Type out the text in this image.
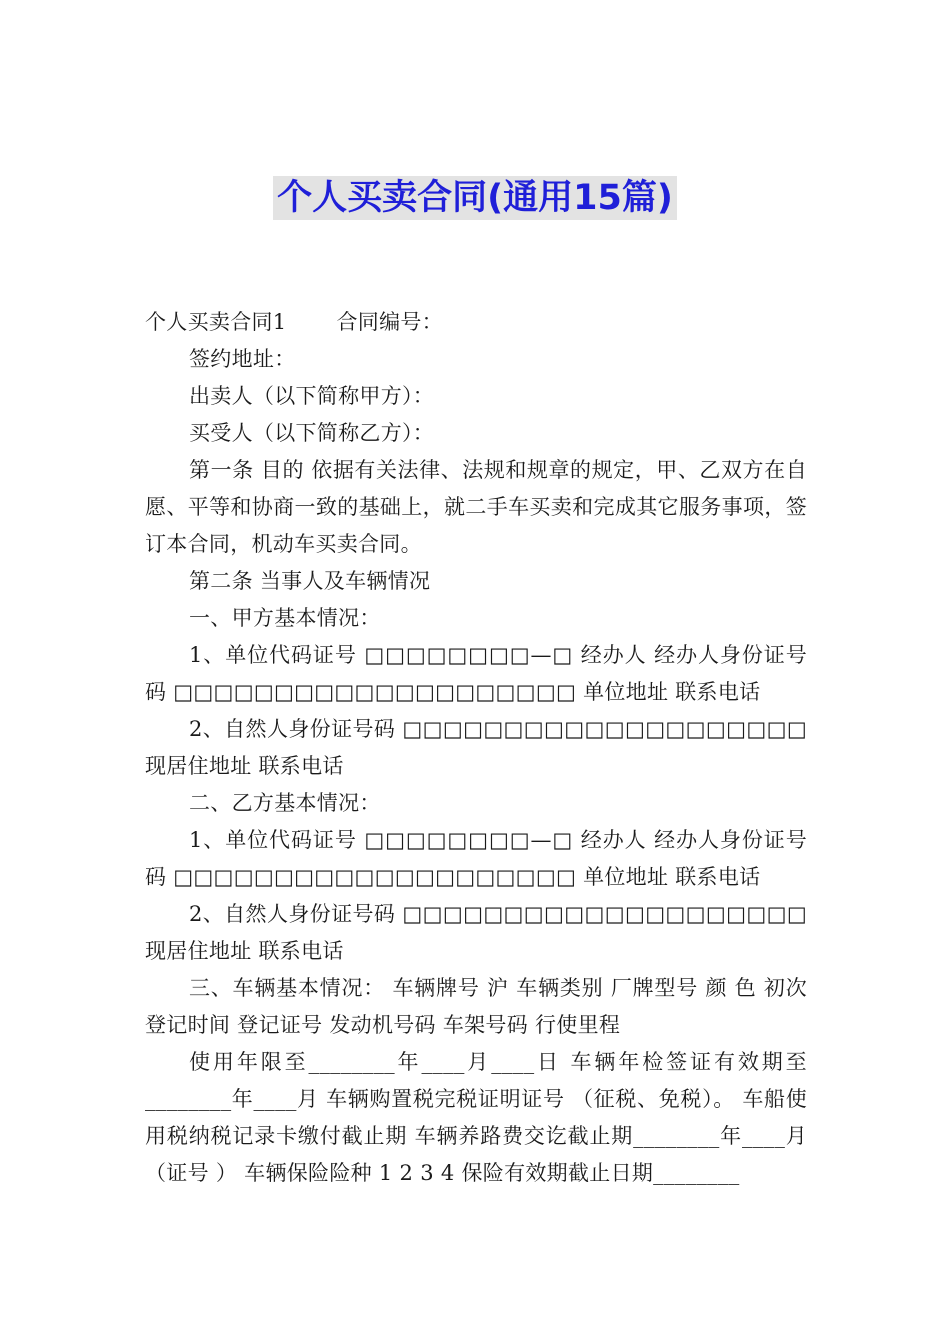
个人买卖合同(通用15篇)

个人买卖合同1 合同编号：

签约地址：

出卖人（以下简称甲方）：

买受人（以下简称乙方）：

第一条 目的 依据有关法律、法规和规章的规定，甲、乙双方在自愿、平等和协商一致的基础上，就二手车买卖和完成其它服务事项，签订本合同，机动车买卖合同。

第二条 当事人及车辆情况

一、甲方基本情况：

1、单位代码证号 □□□□□□□□—□ 经办人 经办人身份证号码 □□□□□□□□□□□□□□□□□□□□ 单位地址 联系电话

2、自然人身份证号码 □□□□□□□□□□□□□□□□□□□□ 现居住地址 联系电话

二、乙方基本情况：

1、单位代码证号 □□□□□□□□—□ 经办人 经办人身份证号码 □□□□□□□□□□□□□□□□□□□□ 单位地址 联系电话

2、自然人身份证号码 □□□□□□□□□□□□□□□□□□□□ 现居住地址 联系电话

三、车辆基本情况： 车辆牌号 沪 车辆类别 厂牌型号 颜 色 初次登记时间 登记证号 发动机号码 车架号码 行使里程

使用年限至________年____月____日 车辆年检签证有效期至________年____月 车辆购置税完税证明证号 （征税、免税）。 车船使用税纳税记录卡缴付截止期 车辆养路费交讫截止期________年____月（证号 ） 车辆保险险种 1 2 3 4 保险有效期截止日期________
